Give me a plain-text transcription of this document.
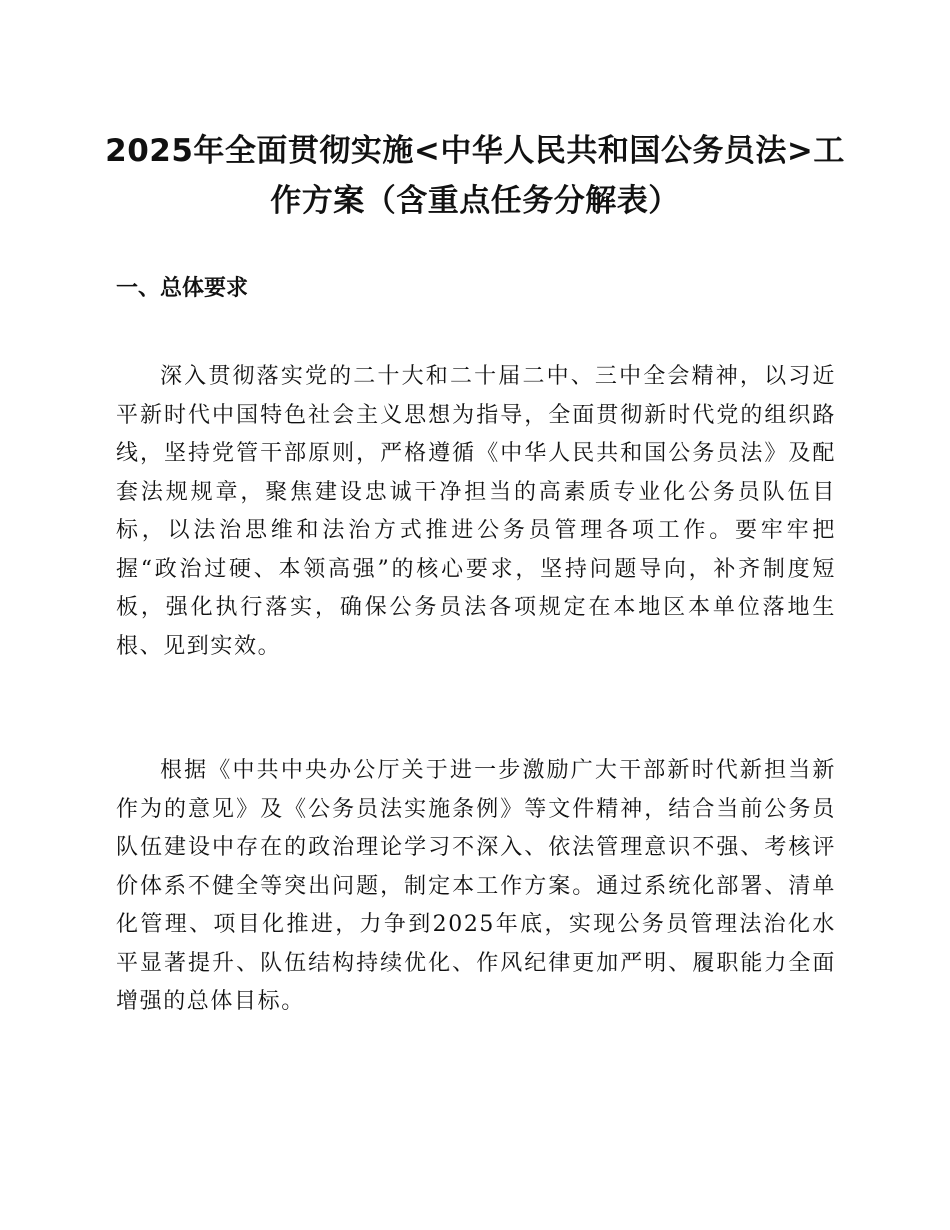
2025年全面贯彻实施<中华人民共和国公务员法>工作方案（含重点任务分解表）
一、总体要求

深入贯彻落实党的二十大和二十届二中、三中全会精神，以习近平新时代中国特色社会主义思想为指导，全面贯彻新时代党的组织路线，坚持党管干部原则，严格遵循《中华人民共和国公务员法》及配套法规规章，聚焦建设忠诚干净担当的高素质专业化公务员队伍目标，以法治思维和法治方式推进公务员管理各项工作。要牢牢把握“政治过硬、本领高强”的核心要求，坚持问题导向，补齐制度短板，强化执行落实，确保公务员法各项规定在本地区本单位落地生根、见到实效。

根据《中共中央办公厅关于进一步激励广大干部新时代新担当新作为的意见》及《公务员法实施条例》等文件精神，结合当前公务员队伍建设中存在的政治理论学习不深入、依法管理意识不强、考核评价体系不健全等突出问题，制定本工作方案。通过系统化部署、清单化管理、项目化推进，力争到2025年底，实现公务员管理法治化水平显著提升、队伍结构持续优化、作风纪律更加严明、履职能力全面增强的总体目标。
